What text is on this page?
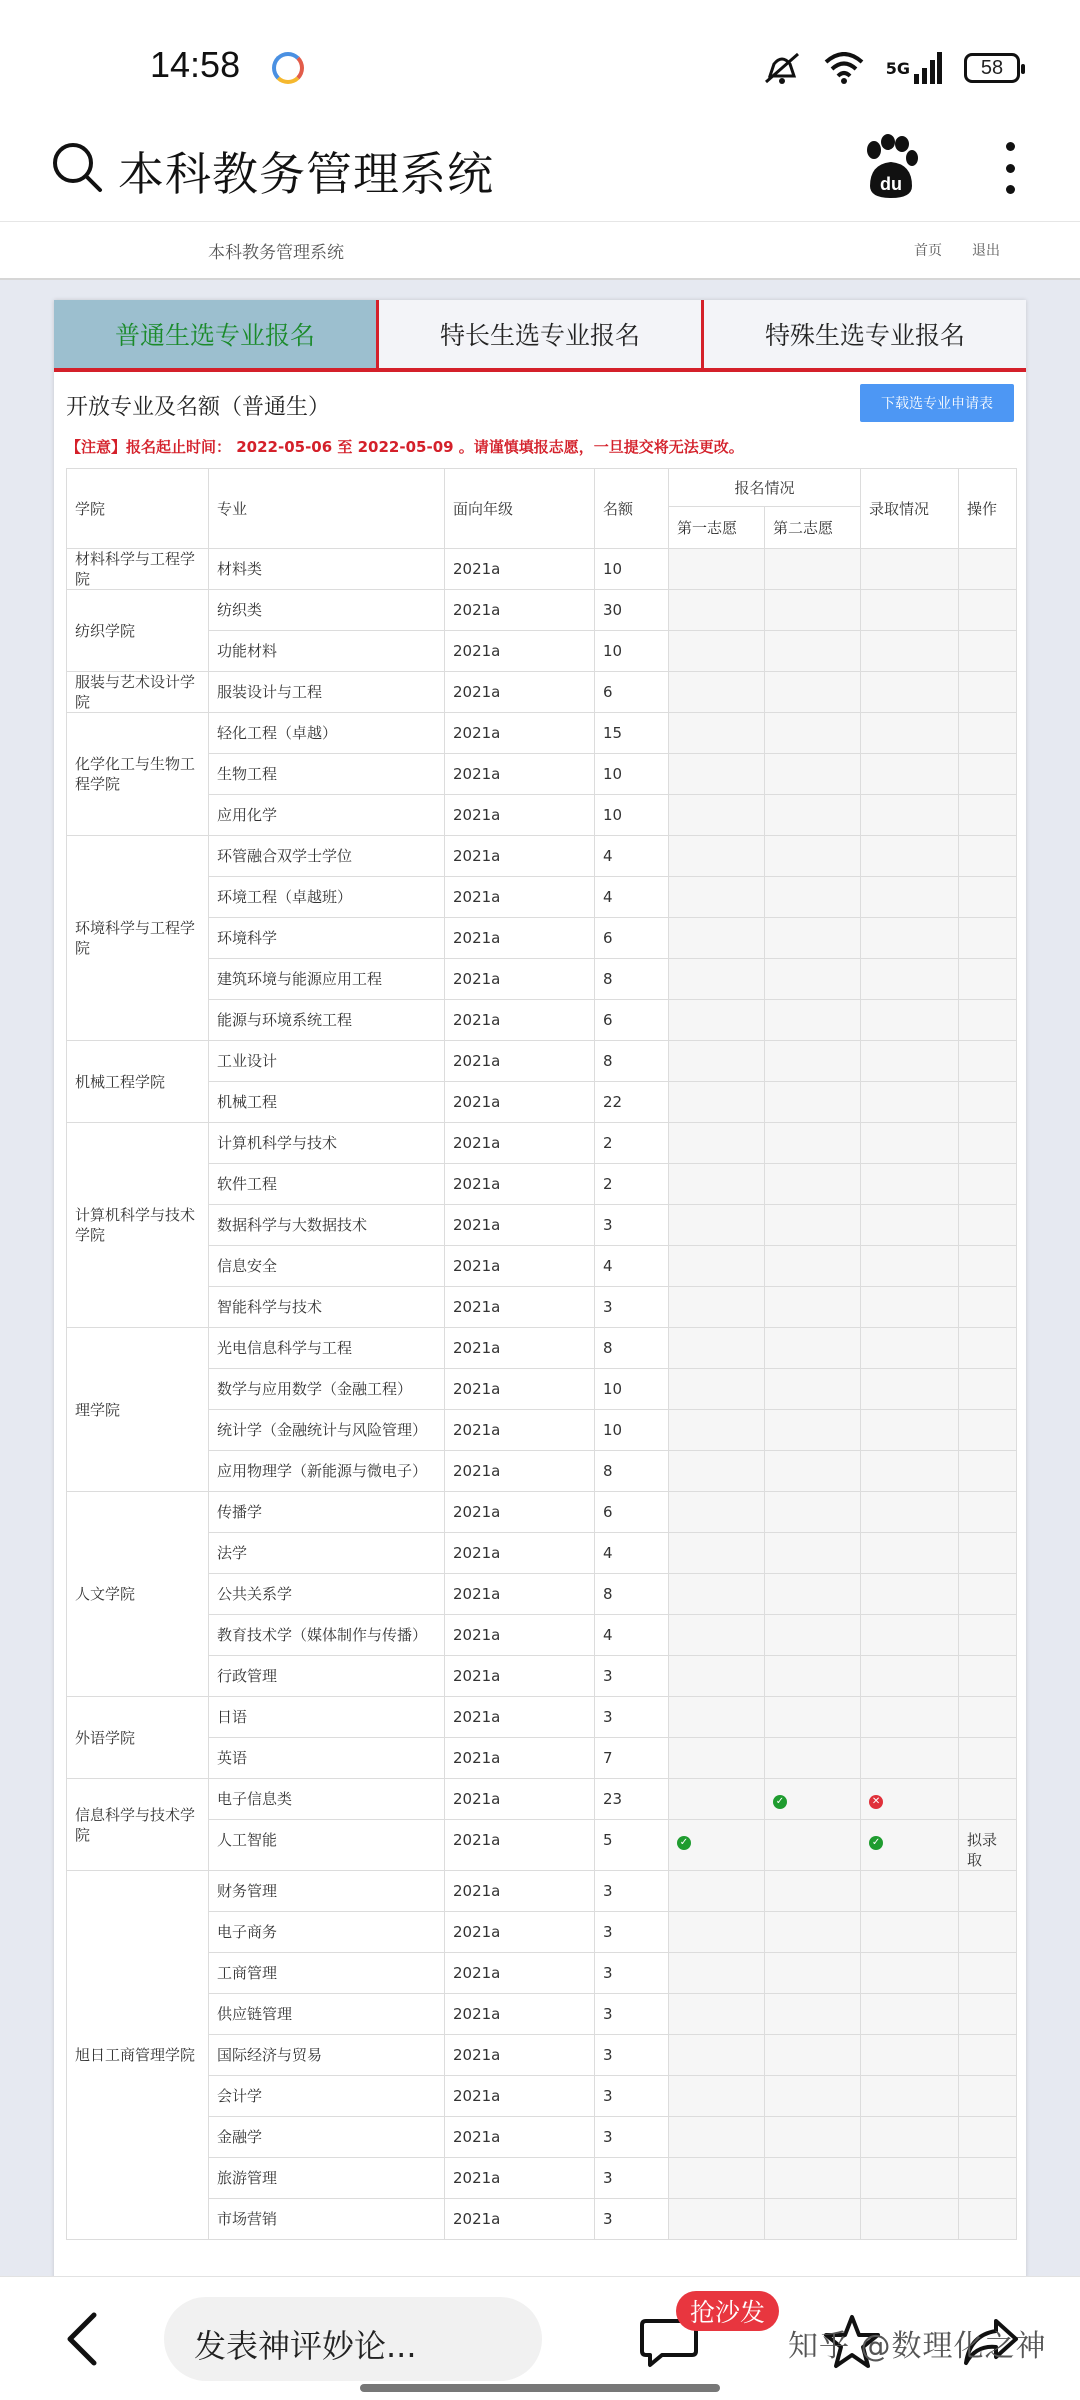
14:58	5G	58
本科教务管理系统	du
本科教务管理系统	首页 退出
普通生选专业报名	特长生选专业报名	特殊生选专业报名
开放专业及名额（普通生）	下载选专业申请表
【注意】报名起止时间： 2022-05-06 至 2022-05-09 。请谨慎填报志愿，一旦提交将无法更改。
学院	专业	面向年级	名额	报名情况		录取情况	操作
				第一志愿	第二志愿		
材料科学与工程学院	材料类	2021a	10				
纺织学院	纺织类	2021a	30				
	功能材料	2021a	10				
服装与艺术设计学院	服装设计与工程	2021a	6				
化学化工与生物工程学院	轻化工程（卓越）	2021a	15				
	生物工程	2021a	10				
	应用化学	2021a	10				
环境科学与工程学院	环管融合双学士学位	2021a	4				
	环境工程（卓越班）	2021a	4				
	环境科学	2021a	6				
	建筑环境与能源应用工程	2021a	8				
	能源与环境系统工程	2021a	6				
机械工程学院	工业设计	2021a	8				
	机械工程	2021a	22				
计算机科学与技术学院	计算机科学与技术	2021a	2				
	软件工程	2021a	2				
	数据科学与大数据技术	2021a	3				
	信息安全	2021a	4				
	智能科学与技术	2021a	3				
理学院	光电信息科学与工程	2021a	8				
	数学与应用数学（金融工程）	2021a	10				
	统计学（金融统计与风险管理）	2021a	10				
	应用物理学（新能源与微电子）	2021a	8				
人文学院	传播学	2021a	6				
	法学	2021a	4				
	公共关系学	2021a	8				
	教育技术学（媒体制作与传播）	2021a	4				
	行政管理	2021a	3				
外语学院	日语	2021a	3				
	英语	2021a	7				
信息科学与技术学院	电子信息类	2021a	23		✓	✕	
	人工智能	2021a	5	✓		✓	拟录取
旭日工商管理学院	财务管理	2021a	3				
	电子商务	2021a	3				
	工商管理	2021a	3				
	供应链管理	2021a	3				
	国际经济与贸易	2021a	3				
	会计学	2021a	3				
	金融学	2021a	3				
	旅游管理	2021a	3				
	市场营销	2021a	3				
发表神评妙论...
抢沙发
知乎 @数理化之神
